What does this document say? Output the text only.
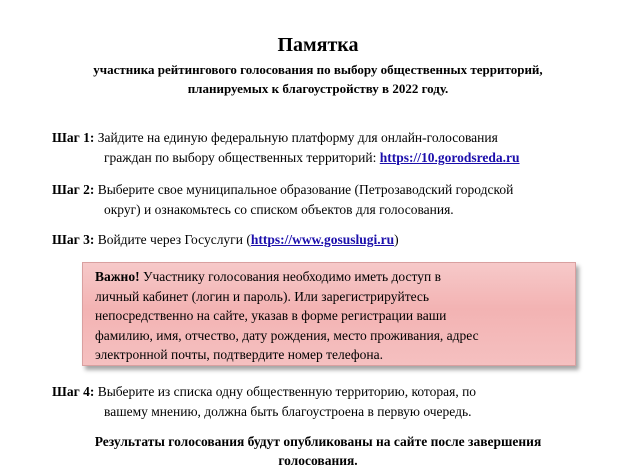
Памятка
участника рейтингового голосования по выбору общественных территорий,
планируемых к благоустройству в 2022 году.
Шаг 1: Зайдите на единую федеральную платформу для онлайн-голосования
граждан по выбору общественных территорий: https://10.gorodsreda.ru
Шаг 2: Выберите свое муниципальное образование (Петрозаводский городской
округ) и ознакомьтесь со списком объектов для голосования.
Шаг 3: Войдите через Госуслуги (https://www.gosuslugi.ru)
Важно! Участнику голосования необходимо иметь доступ в
личный кабинет (логин и пароль). Или зарегистрируйтесь
непосредственно на сайте, указав в форме регистрации ваши
фамилию, имя, отчество, дату рождения, место проживания, адрес
электронной почты, подтвердите номер телефона.
Шаг 4: Выберите из списка одну общественную территорию, которая, по
вашему мнению, должна быть благоустроена в первую очередь.
Результаты голосования будут опубликованы на сайте после завершения
голосования.
